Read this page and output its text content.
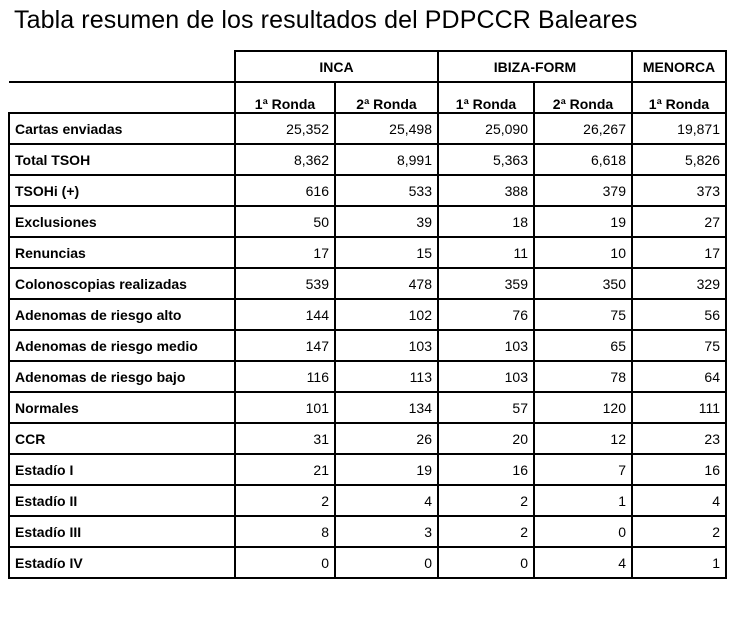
Tabla resumen de los resultados del PDPCCR Baleares
	INCA		IBIZA-FORM		MENORCA
	1ª Ronda	2ª Ronda	1ª Ronda	2ª Ronda	1ª Ronda
Cartas enviadas	25,352	25,498	25,090	26,267	19,871
Total TSOH	8,362	8,991	5,363	6,618	5,826
TSOHi (+)	616	533	388	379	373
Exclusiones	50	39	18	19	27
Renuncias	17	15	11	10	17
Colonoscopias realizadas	539	478	359	350	329
Adenomas de riesgo alto	144	102	76	75	56
Adenomas de riesgo medio	147	103	103	65	75
Adenomas de riesgo bajo	116	113	103	78	64
Normales	101	134	57	120	111
CCR	31	26	20	12	23
Estadío I	21	19	16	7	16
Estadío II	2	4	2	1	4
Estadío III	8	3	2	0	2
Estadío IV	0	0	0	4	1
